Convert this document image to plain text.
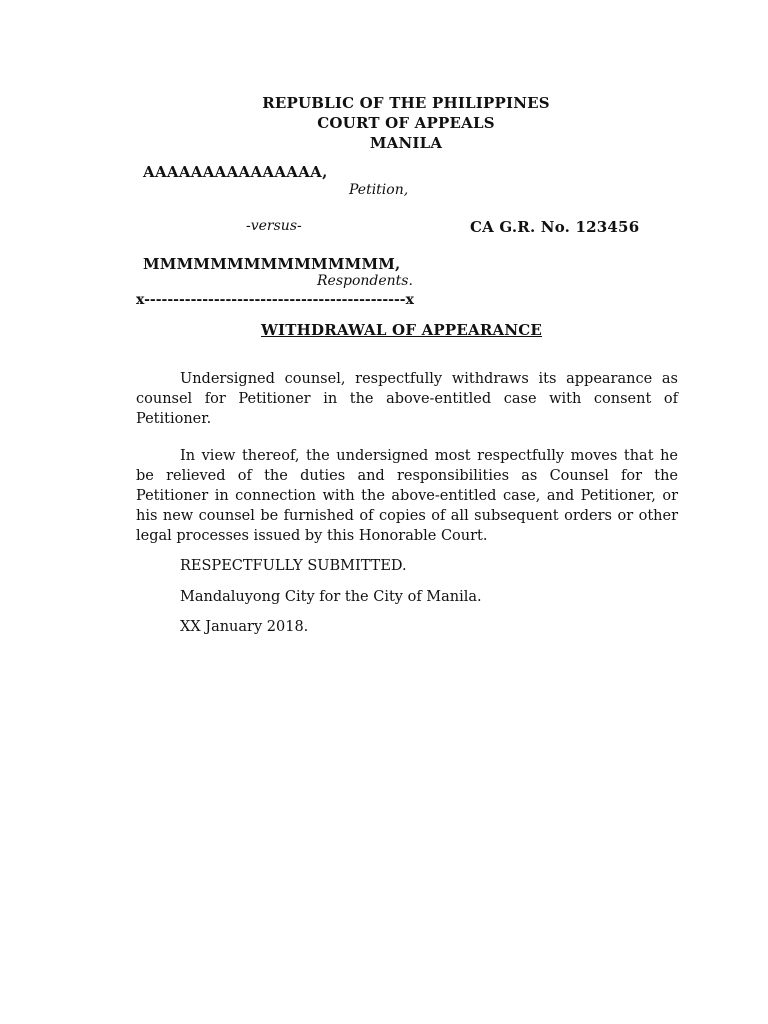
REPUBLIC OF THE PHILIPPINES
COURT OF APPEALS
MANILA
AAAAAAAAAAAAAAA,
Petition,
-versus-	CA G.R. No. 123456
MMMMMMMMMMMMMMM,
Respondents.
x---------------------------------------------x
WITHDRAWAL OF APPEARANCE

Undersigned counsel, respectfully withdraws its appearance as counsel for Petitioner in the above-entitled case with consent of Petitioner.

In view thereof, the undersigned most respectfully moves that he be relieved of the duties and responsibilities as Counsel for the Petitioner in connection with the above-entitled case, and Petitioner, or his new counsel be furnished of copies of all subsequent orders or other legal processes issued by this Honorable Court.

RESPECTFULLY SUBMITTED.

Mandaluyong City for the City of Manila.

XX January 2018.
